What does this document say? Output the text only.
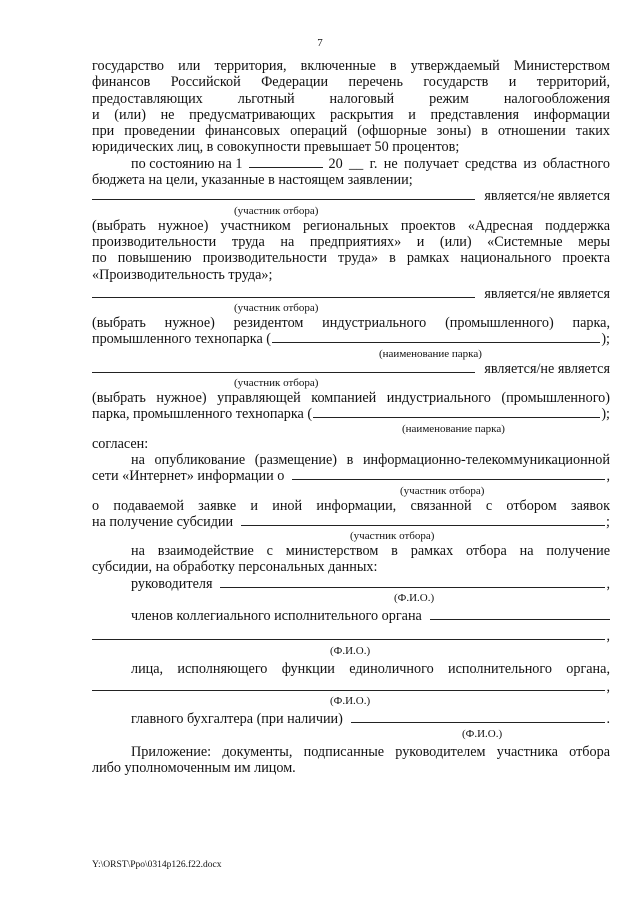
7
государство или территория, включенные в утверждаемый Министерством
финансов Российской Федерации перечень государств и территорий,
предоставляющих льготный налоговый режим налогообложения
и (или) не предусматривающих раскрытия и представления информации
при проведении финансовых операций (офшорные зоны) в отношении таких
юридических лиц, в совокупности превышает 50 процентов;
по состоянию на 1	20 __ г. не получает средства из областного
бюджета на цели, указанные в настоящем заявлении;
является/не является
(участник отбора)
(выбрать нужное) участником региональных проектов «Адресная поддержка
производительности труда на предприятиях» и (или) «Системные меры
по повышению производительности труда» в рамках национального проекта
«Производительность труда»;
является/не является
(участник отбора)
(выбрать нужное) резидентом индустриального (промышленного) парка,
промышленного технопарка (	);
(наименование парка)
является/не является
(участник отбора)
(выбрать нужное) управляющей компанией индустриального (промышленного)
парка, промышленного технопарка (	);
(наименование парка)
согласен:
на опубликование (размещение) в информационно-телекоммуникационной
сети «Интернет» информации о	,
(участник отбора)
о подаваемой заявке и иной информации, связанной с отбором заявок
на получение субсидии	;
(участник отбора)
на взаимодействие с министерством в рамках отбора на получение
субсидии, на обработку персональных данных:
руководителя	,
(Ф.И.О.)
членов коллегиального исполнительного органа
,
(Ф.И.О.)
лица, исполняющего функции единоличного исполнительного органа,
,
(Ф.И.О.)
главного бухгалтера (при наличии)	.
(Ф.И.О.)
Приложение: документы, подписанные руководителем участника отбора
либо уполномоченным им лицом.
Y:\ORST\Ppo\0314p126.f22.docx
